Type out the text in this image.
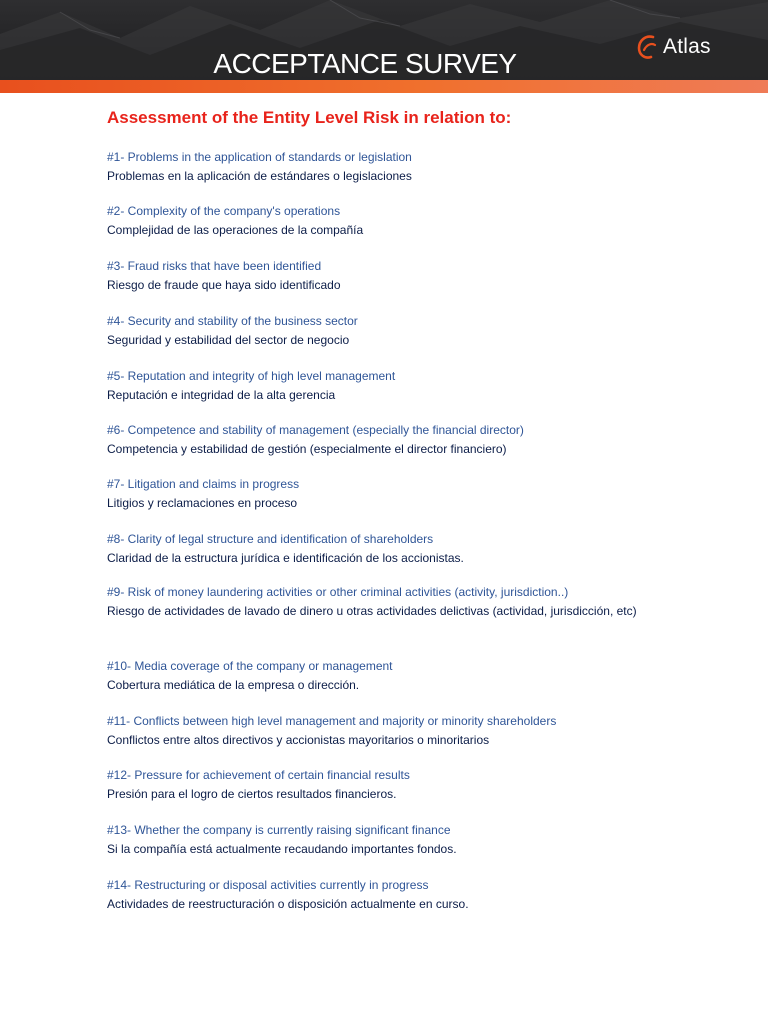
ACCEPTANCE SURVEY
Atlas
Assessment of the Entity Level Risk in relation to:
#1- Problems in the application of standards or legislation
Problemas en la aplicación de estándares o legislaciones
#2- Complexity of the company's operations
Complejidad de las operaciones de la compañía
#3- Fraud risks that have been identified
Riesgo de fraude que haya sido identificado
#4- Security and stability of the business sector
Seguridad y estabilidad del sector de negocio
#5- Reputation and integrity of high level management
Reputación e integridad de la alta gerencia
#6- Competence and stability of management (especially the financial director)
Competencia y estabilidad de gestión (especialmente el director financiero)
#7- Litigation and claims in progress
Litigios y reclamaciones en proceso
#8- Clarity of legal structure and identification of shareholders
Claridad de la estructura jurídica e identificación de los accionistas.
#9- Risk of money laundering activities or other criminal activities (activity, jurisdiction..)
Riesgo de actividades de lavado de dinero u otras actividades delictivas (actividad, jurisdicción, etc)
#10- Media coverage of the company or management
Cobertura mediática de la empresa o dirección.
#11- Conflicts between high level management and majority or minority shareholders
Conflictos entre altos directivos y accionistas mayoritarios o minoritarios
#12- Pressure for achievement of certain financial results
Presión para el logro de ciertos resultados financieros.
#13- Whether the company is currently raising significant finance
Si la compañía está actualmente recaudando importantes fondos.
#14- Restructuring or disposal activities currently in progress
Actividades de reestructuración o disposición actualmente en curso.
